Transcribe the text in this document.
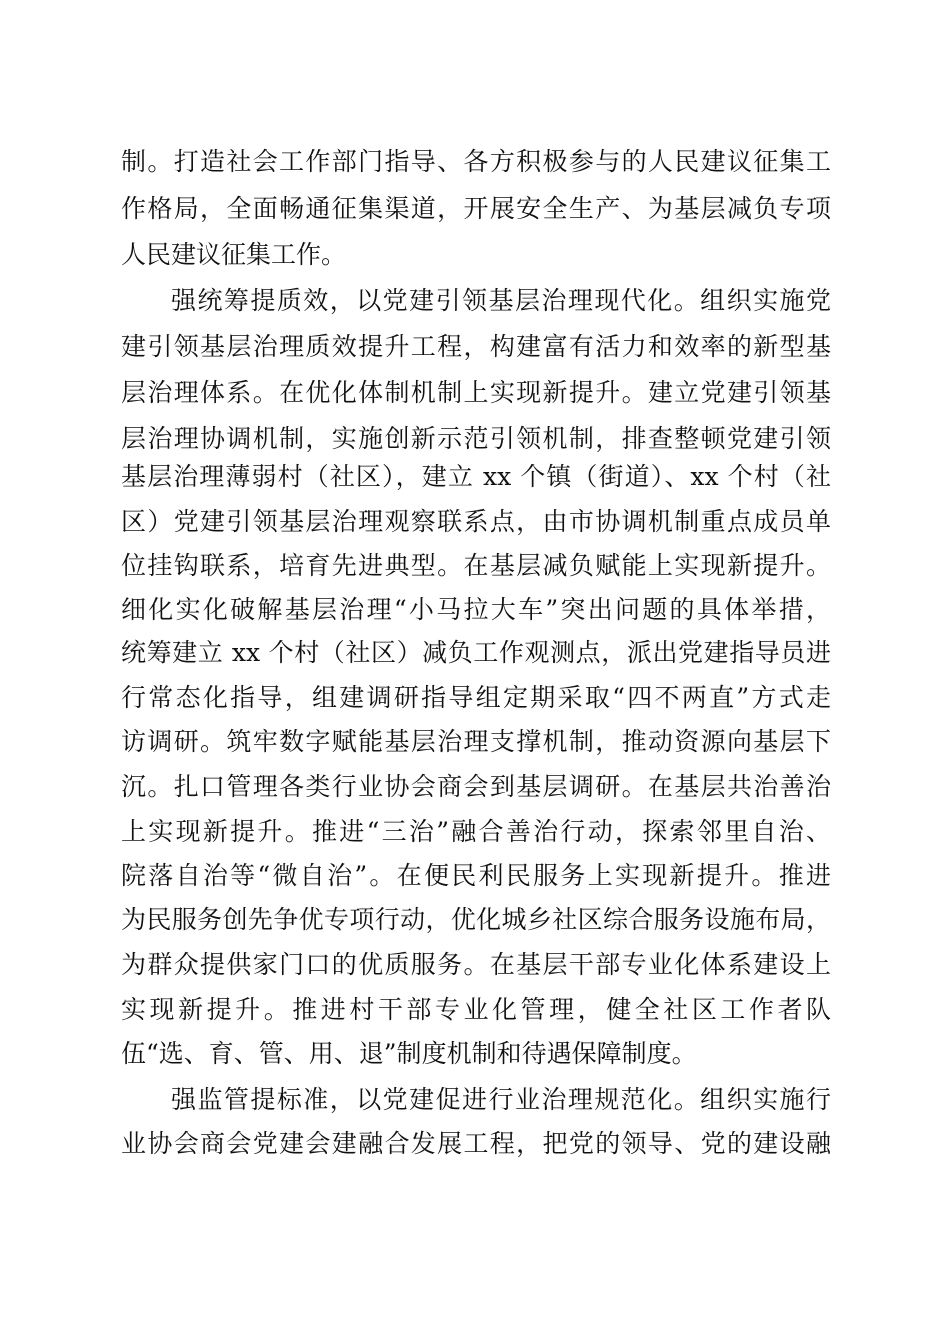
制。打造社会工作部门指导、各方积极参与的人民建议征集工
作格局，全面畅通征集渠道，开展安全生产、为基层减负专项
人民建议征集工作。
强统筹提质效，以党建引领基层治理现代化。组织实施党
建引领基层治理质效提升工程，构建富有活力和效率的新型基
层治理体系。在优化体制机制上实现新提升。建立党建引领基
层治理协调机制，实施创新示范引领机制，排查整顿党建引领
基层治理薄弱村（社区），建立 xx 个镇（街道）、xx 个村（社
区）党建引领基层治理观察联系点，由市协调机制重点成员单
位挂钩联系，培育先进典型。在基层减负赋能上实现新提升。
细化实化破解基层治理“小马拉大车”突出问题的具体举措，
统筹建立 xx 个村（社区）减负工作观测点，派出党建指导员进
行常态化指导，组建调研指导组定期采取“四不两直”方式走
访调研。筑牢数字赋能基层治理支撑机制，推动资源向基层下
沉。扎口管理各类行业协会商会到基层调研。在基层共治善治
上实现新提升。推进“三治”融合善治行动，探索邻里自治、
院落自治等“微自治”。在便民利民服务上实现新提升。推进
为民服务创先争优专项行动，优化城乡社区综合服务设施布局，
为群众提供家门口的优质服务。在基层干部专业化体系建设上
实现新提升。推进村干部专业化管理，健全社区工作者队
伍“选、育、管、用、退”制度机制和待遇保障制度。
强监管提标准，以党建促进行业治理规范化。组织实施行
业协会商会党建会建融合发展工程，把党的领导、党的建设融
